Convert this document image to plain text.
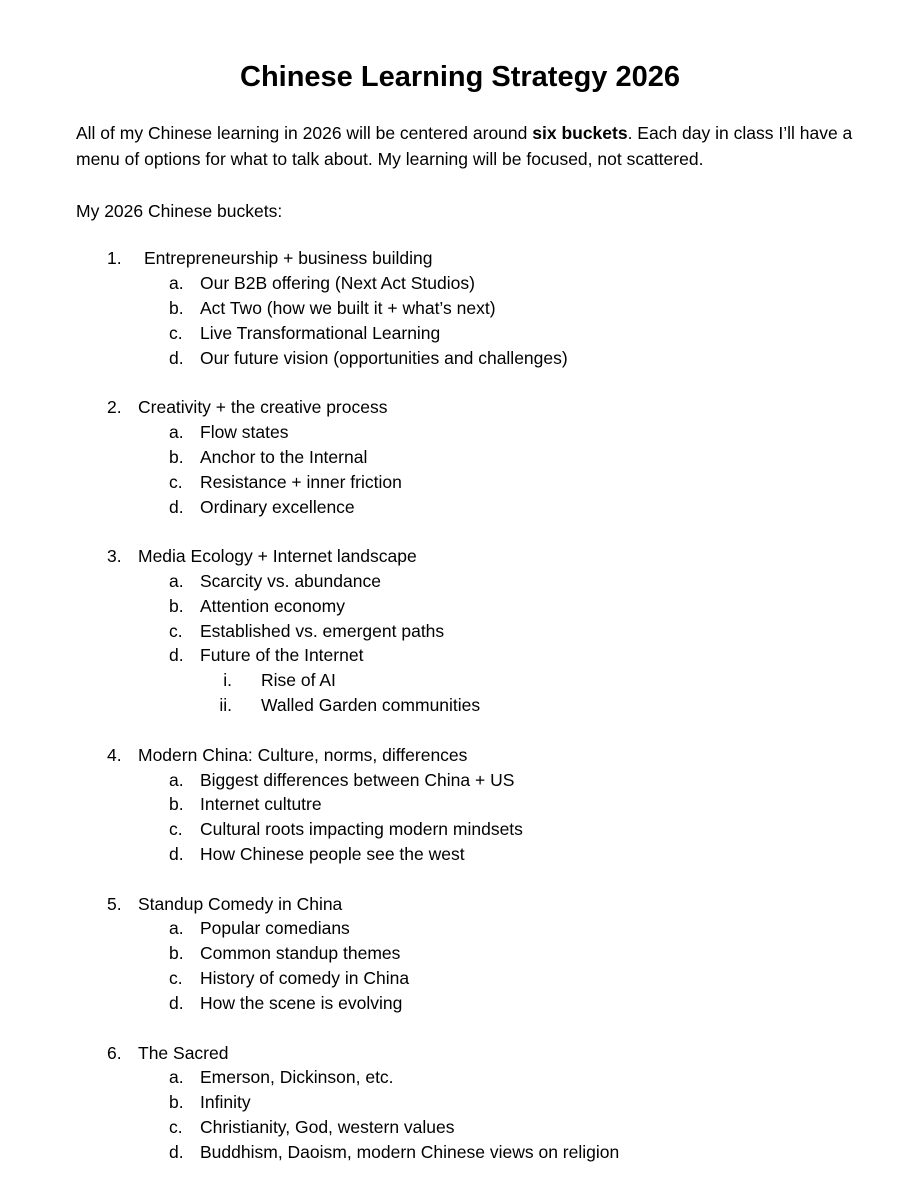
Chinese Learning Strategy 2026

All of my Chinese learning in 2026 will be centered around six buckets. Each day in class I’ll have a menu of options for what to talk about. My learning will be focused, not scattered.

My 2026 Chinese buckets:

1. Entrepreneurship + business building
a. Our B2B offering (Next Act Studios)
b. Act Two (how we built it + what’s next)
c. Live Transformational Learning
d. Our future vision (opportunities and challenges)
2. Creativity + the creative process
a. Flow states
b. Anchor to the Internal
c. Resistance + inner friction
d. Ordinary excellence
3. Media Ecology + Internet landscape
a. Scarcity vs. abundance
b. Attention economy
c. Established vs. emergent paths
d. Future of the Internet
i. Rise of AI
ii. Walled Garden communities
4. Modern China: Culture, norms, differences
a. Biggest differences between China + US
b. Internet cultutre
c. Cultural roots impacting modern mindsets
d. How Chinese people see the west
5. Standup Comedy in China
a. Popular comedians
b. Common standup themes
c. History of comedy in China
d. How the scene is evolving
6. The Sacred
a. Emerson, Dickinson, etc.
b. Infinity
c. Christianity, God, western values
d. Buddhism, Daoism, modern Chinese views on religion
